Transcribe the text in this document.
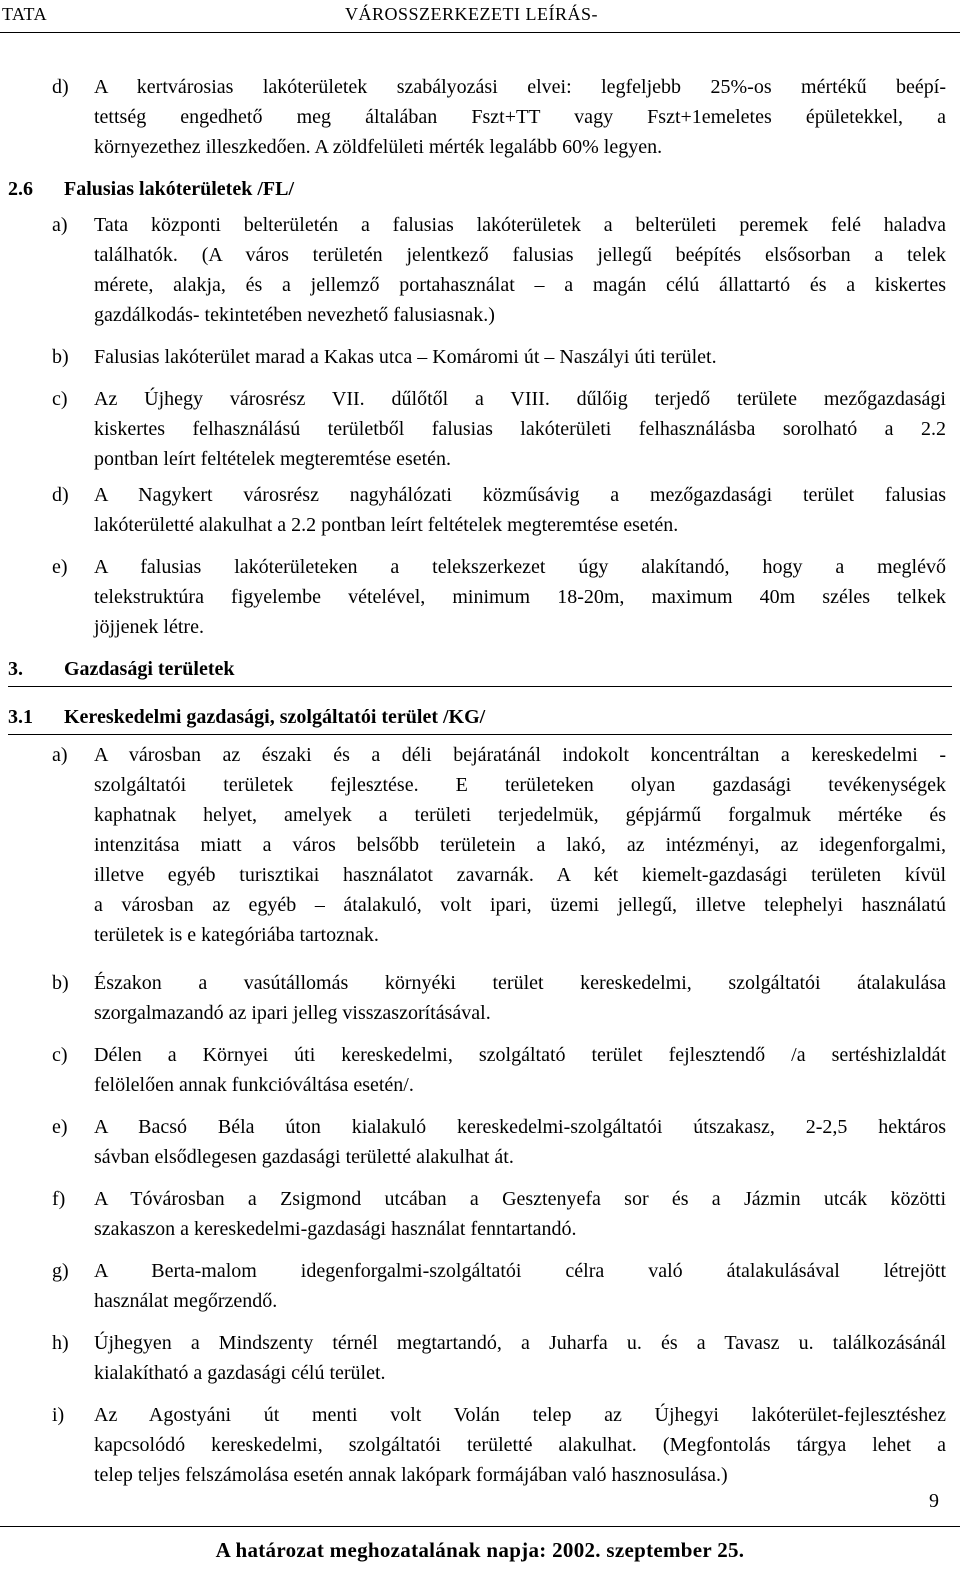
TATA	VÁROSSZERKEZETI LEÍRÁS-
d) A kertvárosias lakóterületek szabályozási elvei: legfeljebb 25%-os mértékű beépí-
tettség engedhető meg általában Fszt+TT vagy Fszt+1emeletes épületekkel, a
környezethez illeszkedően. A zöldfelületi mérték legalább 60% legyen.
2.6 Falusias lakóterületek /FL/
a) Tata központi belterületén a falusias lakóterületek a belterületi peremek felé haladva
találhatók. (A város területén jelentkező falusias jellegű beépítés elsősorban a telek
mérete, alakja, és a jellemző portahasználat – a magán célú állattartó és a kiskertes
gazdálkodás- tekintetében nevezhető falusiasnak.)
b) Falusias lakóterület marad a Kakas utca – Komáromi út – Naszályi úti terület.
c) Az Újhegy városrész VII. dűlőtől a VIII. dűlőig terjedő területe mezőgazdasági
kiskertes felhasználású területből falusias lakóterületi felhasználásba sorolható a 2.2
pontban leírt feltételek megteremtése esetén.
d) A Nagykert városrész nagyhálózati közműsávig a mezőgazdasági terület falusias
lakóterületté alakulhat a 2.2 pontban leírt feltételek megteremtése esetén.
e) A falusias lakóterületeken a telekszerkezet úgy alakítandó, hogy a meglévő
telekstruktúra figyelembe vételével, minimum 18-20m, maximum 40m széles telkek
jöjjenek létre.
3. Gazdasági területek
3.1 Kereskedelmi gazdasági, szolgáltatói terület /KG/
a) A városban az északi és a déli bejáratánál indokolt koncentráltan a kereskedelmi -
szolgáltatói területek fejlesztése. E területeken olyan gazdasági tevékenységek
kaphatnak helyet, amelyek a területi terjedelmük, gépjármű forgalmuk mértéke és
intenzitása miatt a város belsőbb területein a lakó, az intézményi, az idegenforgalmi,
illetve egyéb turisztikai használatot zavarnák. A két kiemelt-gazdasági területen kívül
a városban az egyéb – átalakuló, volt ipari, üzemi jellegű, illetve telephelyi használatú
területek is e kategóriába tartoznak.
b) Északon a vasútállomás környéki terület kereskedelmi, szolgáltatói átalakulása
szorgalmazandó az ipari jelleg visszaszorításával.
c) Délen a Környei úti kereskedelmi, szolgáltató terület fejlesztendő /a sertéshizlaldát
felölelően annak funkcióváltása esetén/.
e) A Bacsó Béla úton kialakuló kereskedelmi-szolgáltatói útszakasz, 2-2,5 hektáros
sávban elsődlegesen gazdasági területté alakulhat át.
f) A Tóvárosban a Zsigmond utcában a Gesztenyefa sor és a Jázmin utcák közötti
szakaszon a kereskedelmi-gazdasági használat fenntartandó.
g) A Berta-malom idegenforgalmi-szolgáltatói célra való átalakulásával létrejött
használat megőrzendő.
h) Újhegyen a Mindszenty térnél megtartandó, a Juharfa u. és a Tavasz u. találkozásánál
kialakítható a gazdasági célú terület.
i) Az Agostyáni út menti volt Volán telep az Újhegyi lakóterület-fejlesztéshez
kapcsolódó kereskedelmi, szolgáltatói területté alakulhat. (Megfontolás tárgya lehet a
telep teljes felszámolása esetén annak lakópark formájában való hasznosulása.)
9
A határozat meghozatalának napja: 2002. szeptember 25.
